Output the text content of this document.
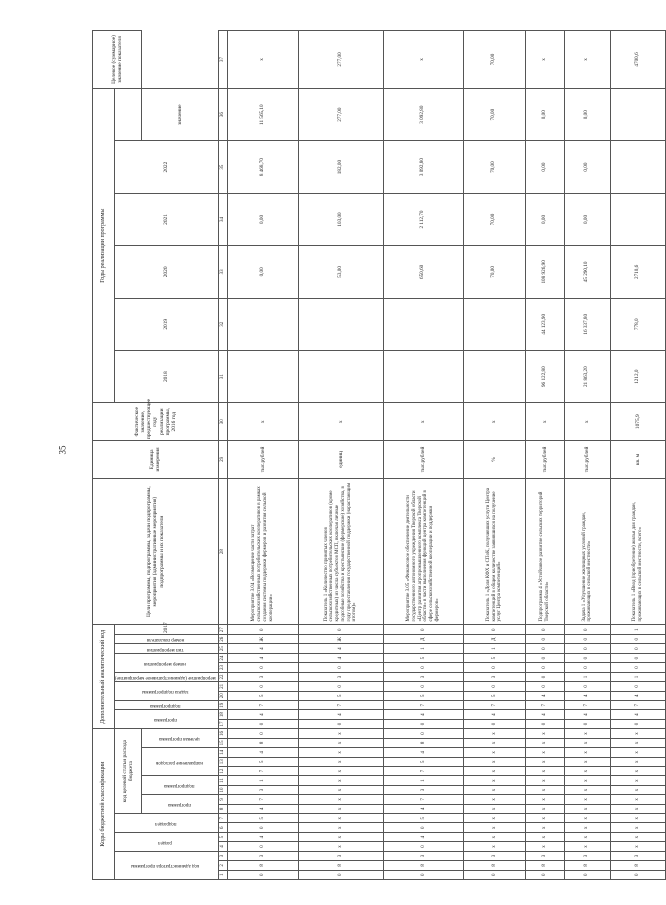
35
Коды бюджетной классификации																Дополнительный аналитический код											Цели программы, подпрограммы, задачи подпрограммы, мероприятия (административные мероприятия) подпрограммы и их показатели	Единица измерения	Фактическое значение, предшествующее году реализации программы, 2016 год	Годы реализации программы						Целевое (суммарное) значение показателя
код администратора программы			раздел		подраздел		код целевой статьи расхода бюджета									программа		подпрограмма	задача подпрограммы		мероприятие (административное мероприятие)	номер мероприятия		тип мероприятия	номер показателя	2017				2018	2019	2020	2021	2022		
							программа		подпрограмма		направление расходов			целевая программа																					значение	
1	2	3	4	5	6	7	8	9	10	11	12	13	14	15	16	17	18	19	20	21	22	23	24	25	26	27	28	29	30	31	32	33	34	35	36	37
0	8	3	0	4	0	5	4	7	3	1	7	5	4	8	0	0	4	7	5	0	3	0	4	4	Ж	0	Мероприятие 3.04 «Возмещение части затрат сельскохозяйственных потребительских кооперативов в рамках создания системы поддержки фермеров и развития сельской кооперации»	тыс.рублей	х			0,00	0,00	8 468,70	11 565,10	х
0	8	3	х	х	х	х	х	х	х	х	х	х	х	х	х	0	4	7	5	0	3	0	4	4	Ж	0	Показатель 1 «Количество принятых членов сельскохозяйственных потребительских кооперативов (кроме кредитных) из числа субъектов МСП, включая личные подсобные хозяйства и крестьянские (фермерские) хозяйства, в году предоставления государственной поддержки (нарастающим итогом)»	единиц	х			53,00	103,00	182,00	277,00	277,00
0	8	3	0	4	0	5	4	7	3	1	7	5	4	8	0	0	4	7	5	0	3	0	5	1	Д	0	Мероприятие 3.05 «Финансовое обеспечение деятельности государственного автономного учреждения Тверской области «Центр развития агропромышленного комплекса Тверской области» в части выполнения функций центра компетенций в сфере сельскохозяйственной кооперации и поддержки фермеров»	тыс.рублей	х			650,60	2 112,70	3 092,80	3 092,80	х
0	8	3	х	х	х	х	х	х	х	х	х	х	х	х	х	0	4	7	5	0	3	0	5	1	Д	0	Показатель 1 «Доля КФХ и СПоК, получивших услуги Центра компетенций в общем количестве заявившихся на получение услуг Центра компетенций»	%	х			70,00	70,00	70,00	70,00	70,00
0	8	3	х	х	х	х	х	х	х	х	х	х	х	х	х	0	4	7	4	0	0	0	0	0	0	0	Подпрограмма 4 «Устойчивое развитие сельских территорий Тверской области»	тыс.рублей	х	96 122,80	44 123,90	108 926,90	0,00	0,00	0,00	х
0	8	3	х	х	х	х	х	х	х	х	х	х	х	х	х	0	4	7	4	0	1	0	0	0	0	0	Задача 1 «Улучшение жилищных условий граждан, проживающих в сельской местности»	тыс.рублей	х	21 863,20	16 337,80	45 290,10	0,00	0,00	0,00	х
0	8	3	х	х	х	х	х	х	х	х	х	х	х	х	х	0	4	7	4	0	1	0	0	0	0	1	Показатель 1 «Ввод (приобретение) жилья для граждан, проживающих в сельской местности, всего»	кв. м	1075,9	1212,0	778,0	2710,6				4700,6
